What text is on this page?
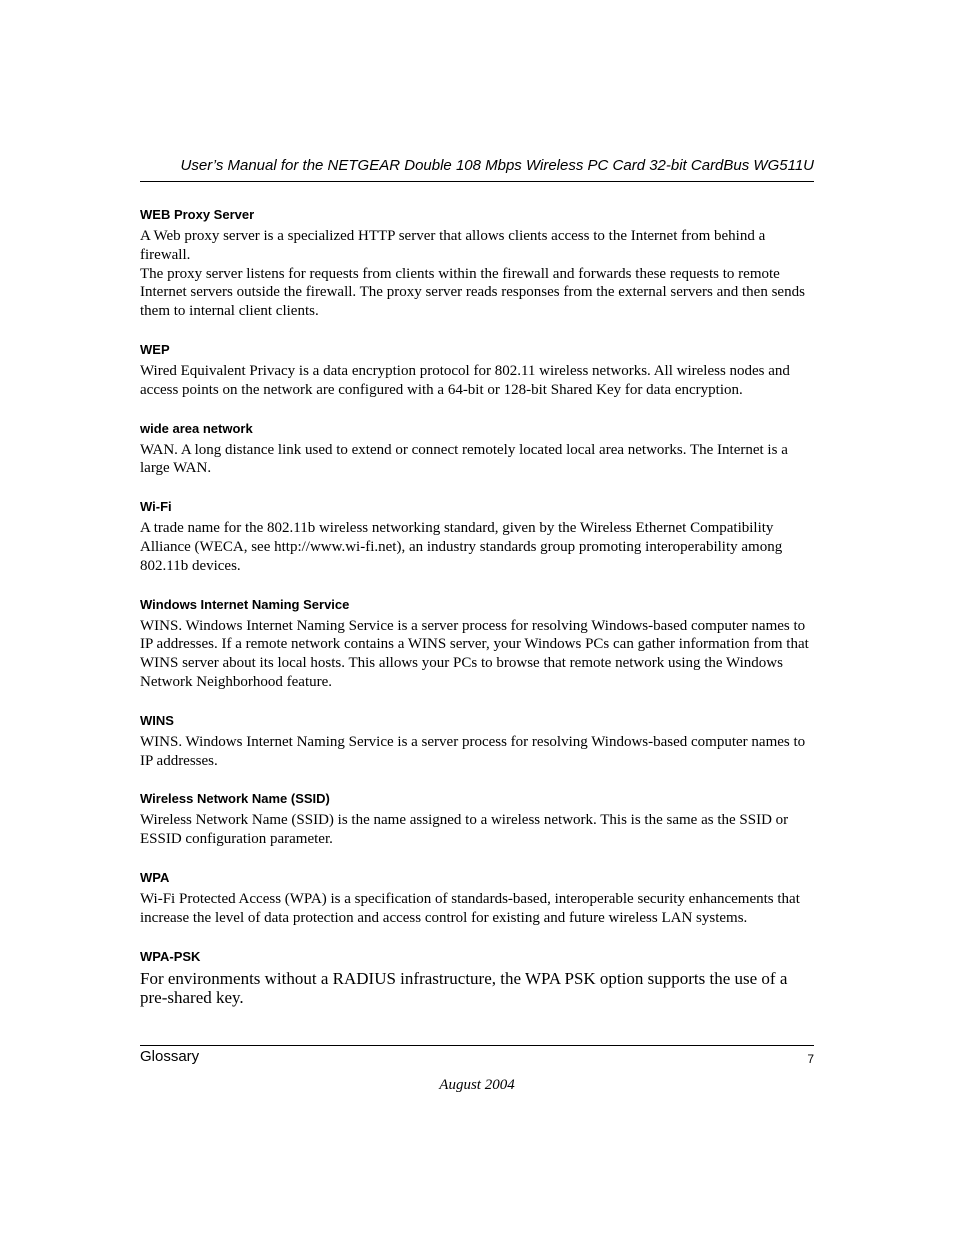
User’s Manual for the NETGEAR Double 108 Mbps Wireless PC Card 32-bit CardBus WG511U
WEB Proxy Server

A Web proxy server is a specialized HTTP server that allows clients access to the Internet from behind a firewall.

The proxy server listens for requests from clients within the firewall and forwards these requests to remote Internet servers outside the firewall. The proxy server reads responses from the external servers and then sends them to internal client clients.

WEP

Wired Equivalent Privacy is a data encryption protocol for 802.11 wireless networks. All wireless nodes and access points on the network are configured with a 64-bit or 128-bit Shared Key for data encryption.

wide area network

WAN. A long distance link used to extend or connect remotely located local area networks. The Internet is a large WAN.

Wi-Fi

A trade name for the 802.11b wireless networking standard, given by the Wireless Ethernet Compatibility Alliance (WECA, see http://www.wi-fi.net), an industry standards group promoting interoperability among 802.11b devices.

Windows Internet Naming Service

WINS. Windows Internet Naming Service is a server process for resolving Windows-based computer names to IP addresses. If a remote network contains a WINS server, your Windows PCs can gather information from that WINS server about its local hosts. This allows your PCs to browse that remote network using the Windows Network Neighborhood feature.

WINS

WINS. Windows Internet Naming Service is a server process for resolving Windows-based computer names to IP addresses.

Wireless Network Name (SSID)

Wireless Network Name (SSID) is the name assigned to a wireless network. This is the same as the SSID or ESSID configuration parameter.

WPA

Wi-Fi Protected Access (WPA) is a specification of standards-based, interoperable security enhancements that increase the level of data protection and access control for existing and future wireless LAN systems.

WPA-PSK

For environments without a RADIUS infrastructure, the WPA PSK option supports the use of a pre-shared key.

Glossary	7
August 2004
